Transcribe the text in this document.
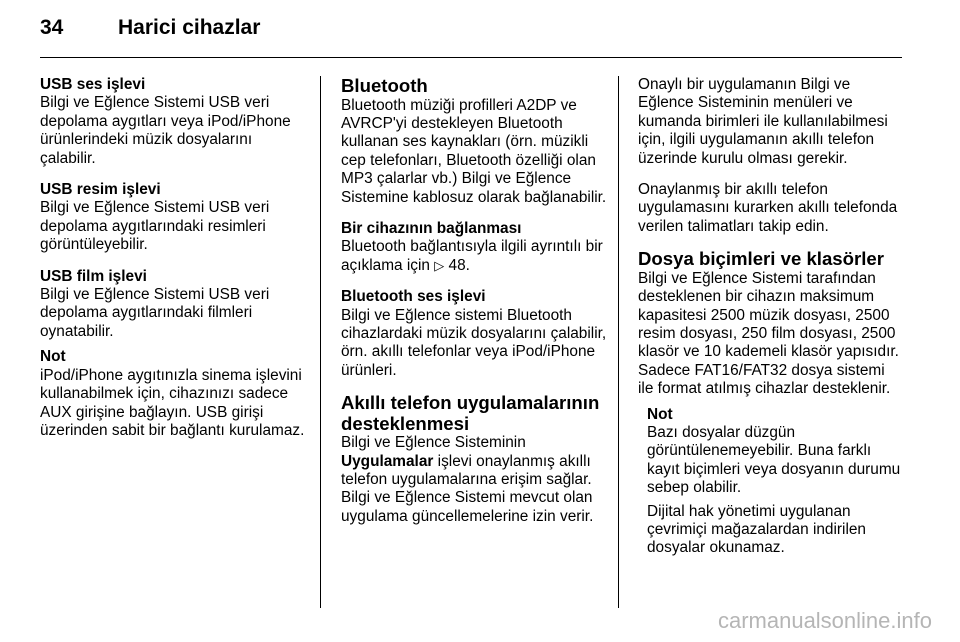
34	Harici cihazlar

USB ses işlevi
Bilgi ve Eğlence Sistemi USB veri depolama aygıtları veya iPod/iPhone ürünlerindeki müzik dosyalarını çalabilir.

USB resim işlevi
Bilgi ve Eğlence Sistemi USB veri depolama aygıtlarındaki resimleri görüntüleyebilir.

USB film işlevi
Bilgi ve Eğlence Sistemi USB veri depolama aygıtlarındaki filmleri oynatabilir.

Not
iPod/iPhone aygıtınızla sinema işlevini kullanabilmek için, cihazınızı sadece AUX girişine bağlayın. USB girişi üzerinden sabit bir bağlantı kurulamaz.

Bluetooth
Bluetooth müziği profilleri A2DP ve AVRCP'yi destekleyen Bluetooth kullanan ses kaynakları (örn. müzikli cep telefonları, Bluetooth özelliği olan MP3 çalarlar vb.) Bilgi ve Eğlence Sistemine kablosuz olarak bağlanabilir.

Bir cihazının bağlanması
Bluetooth bağlantısıyla ilgili ayrıntılı bir açıklama için ▷ 48.

Bluetooth ses işlevi
Bilgi ve Eğlence sistemi Bluetooth cihazlardaki müzik dosyalarını çalabilir, örn. akıllı telefonlar veya iPod/iPhone ürünleri.

Akıllı telefon uygulamalarının desteklenmesi
Bilgi ve Eğlence Sisteminin Uygulamalar işlevi onaylanmış akıllı telefon uygulamalarına erişim sağlar. Bilgi ve Eğlence Sistemi mevcut olan uygulama güncellemelerine izin verir.

Onaylı bir uygulamanın Bilgi ve Eğlence Sisteminin menüleri ve kumanda birimleri ile kullanılabilmesi için, ilgili uygulamanın akıllı telefon üzerinde kurulu olması gerekir.

Onaylanmış bir akıllı telefon uygulamasını kurarken akıllı telefonda verilen talimatları takip edin.

Dosya biçimleri ve klasörler
Bilgi ve Eğlence Sistemi tarafından desteklenen bir cihazın maksimum kapasitesi 2500 müzik dosyası, 2500 resim dosyası, 250 film dosyası, 2500 klasör ve 10 kademeli klasör yapısıdır. Sadece FAT16/FAT32 dosya sistemi ile format atılmış cihazlar desteklenir.

Not
Bazı dosyalar düzgün görüntülenemeyebilir. Buna farklı kayıt biçimleri veya dosyanın durumu sebep olabilir.

Dijital hak yönetimi uygulanan çevrimiçi mağazalardan indirilen dosyalar okunamaz.

carmanualsonline.info
